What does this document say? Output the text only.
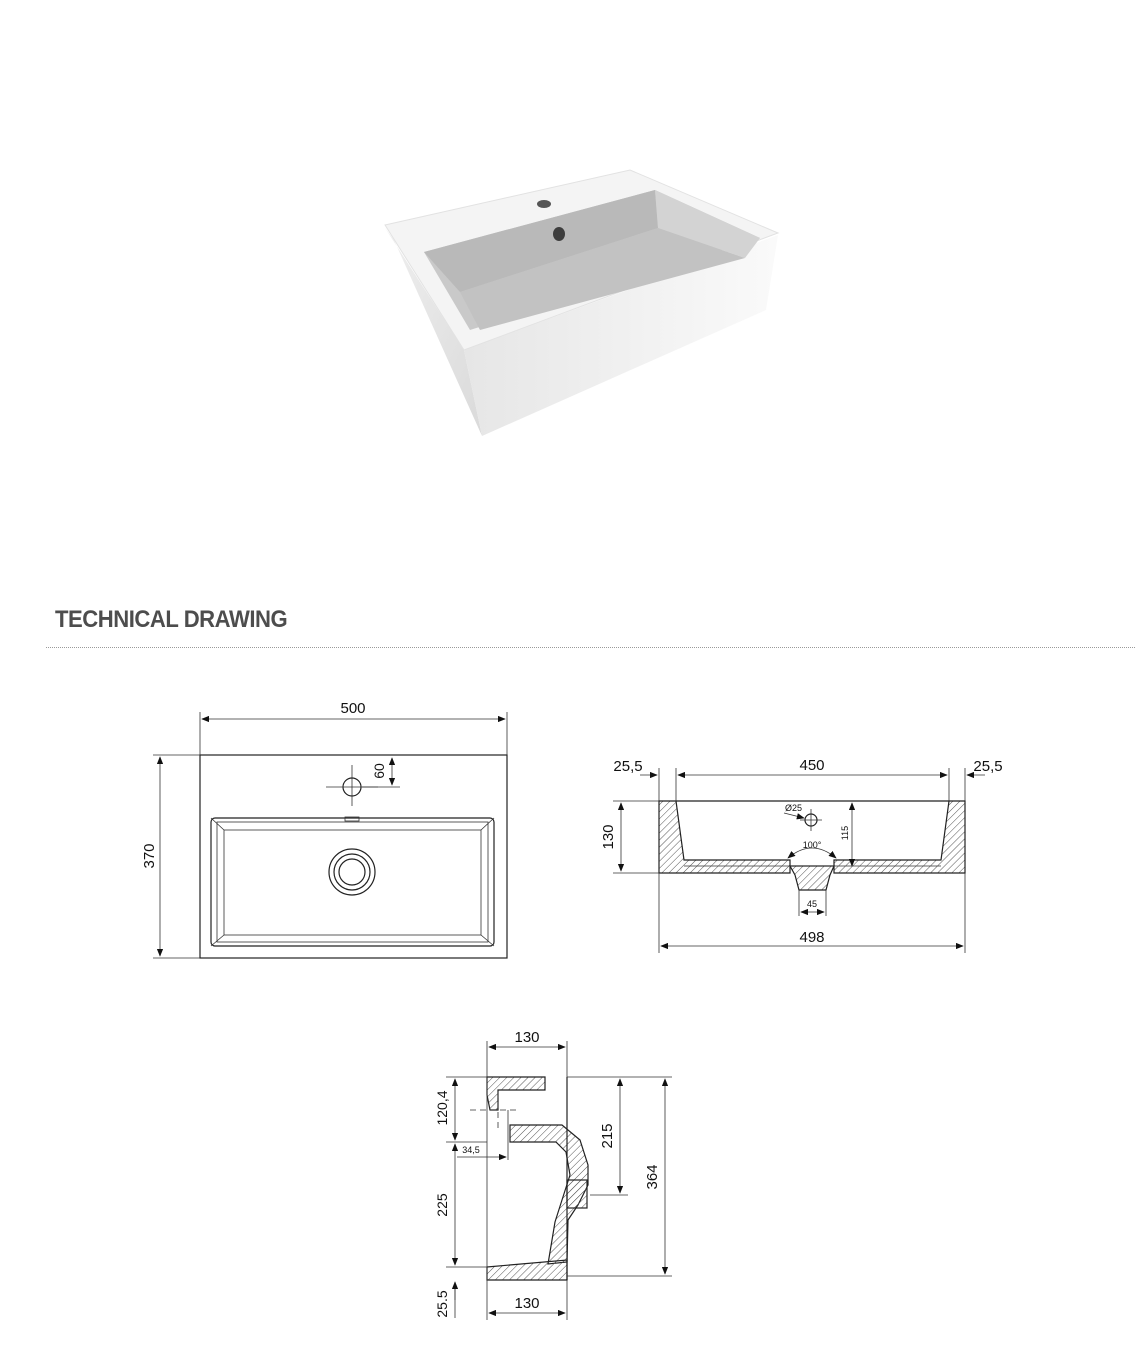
TECHNICAL DRAWING
500
370
60
Ø25
100°
115
25,5	450	25,5
130
45
498
130
120,4
225
25.5
34,5
215
364
130
